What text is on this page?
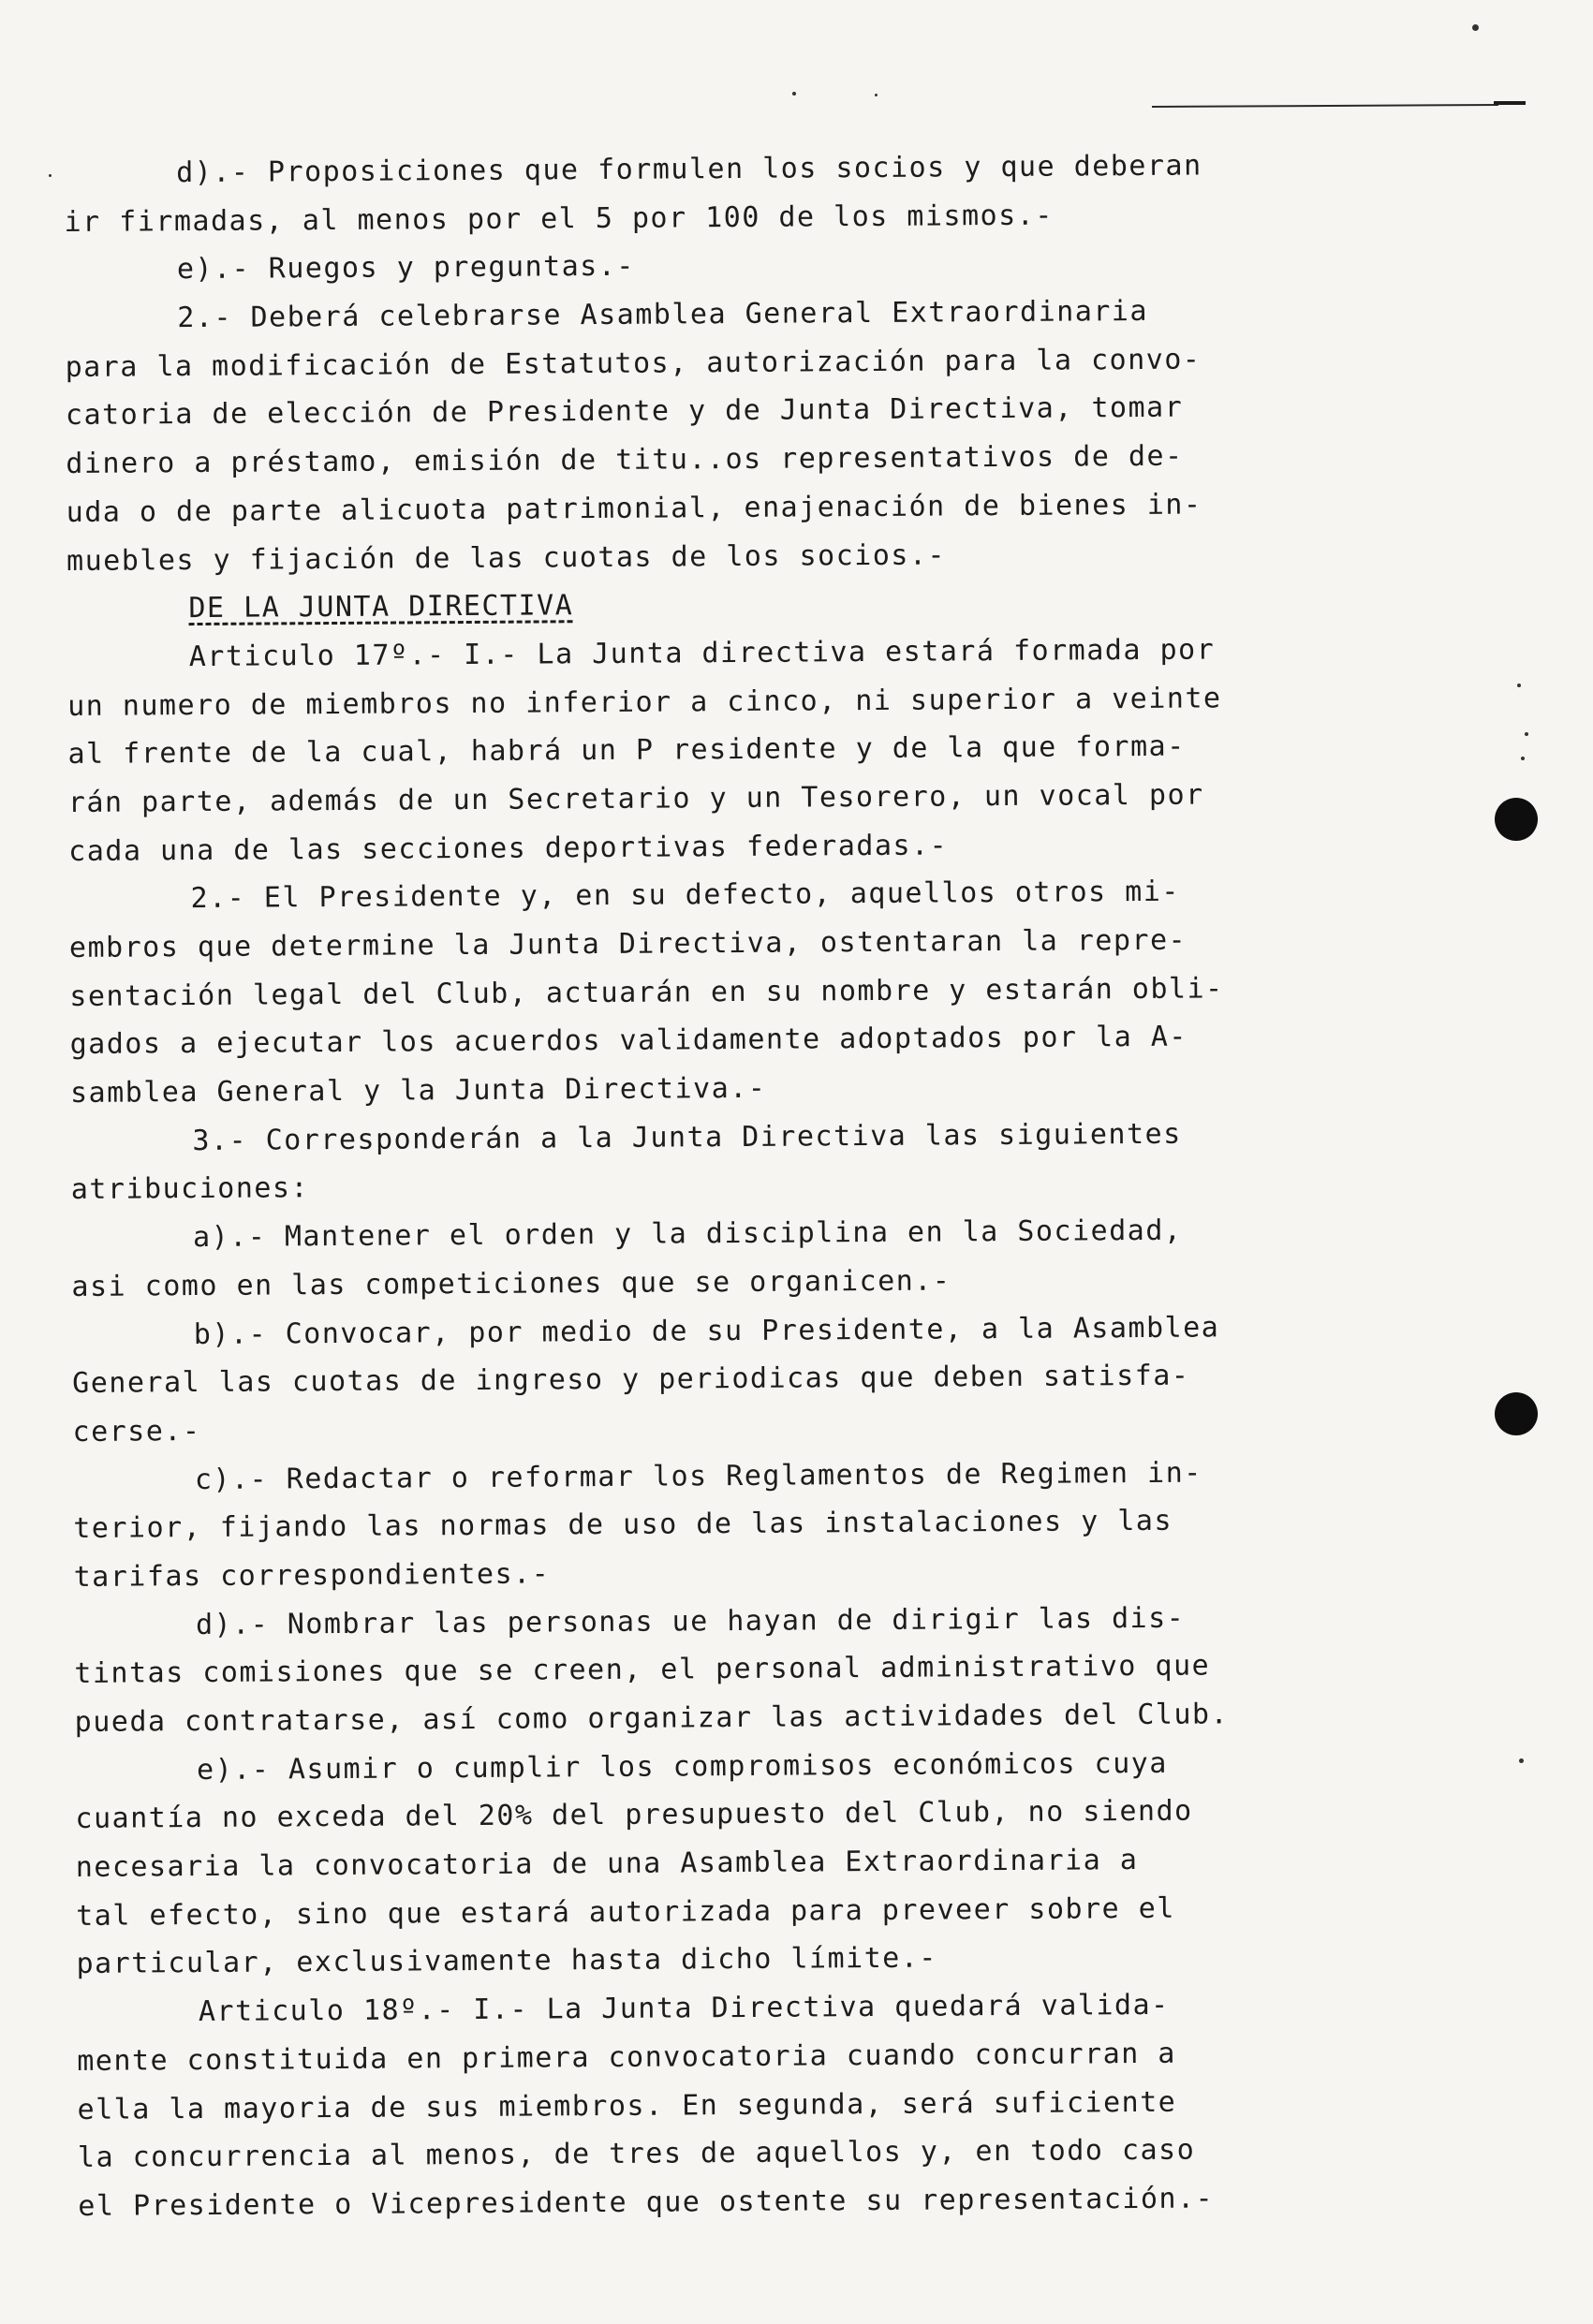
d).- Proposiciones que formulen los socios y que deberan
ir firmadas, al menos por el 5 por 100 de los mismos.-
e).- Ruegos y preguntas.-
2.- Deberá celebrarse Asamblea General Extraordinaria
para la modificación de Estatutos, autorización para la convo-
catoria de elección de Presidente y de Junta Directiva, tomar
dinero a préstamo, emisión de titu..os representativos de de-
uda o de parte alicuota patrimonial, enajenación de bienes in-
muebles y fijación de las cuotas de los socios.-
DE LA JUNTA DIRECTIVA
Articulo 17º.- I.- La Junta directiva estará formada por
un numero de miembros no inferior a cinco, ni superior a veinte
al frente de la cual, habrá un P residente y de la que forma-
rán parte, además de un Secretario y un Tesorero, un vocal por
cada una de las secciones deportivas federadas.-
2.- El Presidente y, en su defecto, aquellos otros mi-
embros que determine la Junta Directiva, ostentaran la repre-
sentación legal del Club, actuarán en su nombre y estarán obli-
gados a ejecutar los acuerdos validamente adoptados por la A-
samblea General y la Junta Directiva.-
3.- Corresponderán a la Junta Directiva las siguientes
atribuciones:
a).- Mantener el orden y la disciplina en la Sociedad,
asi como en las competiciones que se organicen.-
b).- Convocar, por medio de su Presidente, a la Asamblea
General las cuotas de ingreso y periodicas que deben satisfa-
cerse.-
c).- Redactar o reformar los Reglamentos de Regimen in-
terior, fijando las normas de uso de las instalaciones y las
tarifas correspondientes.-
d).- Nombrar las personas ue hayan de dirigir las dis-
tintas comisiones que se creen, el personal administrativo que
pueda contratarse, así como organizar las actividades del Club.
e).- Asumir o cumplir los compromisos económicos cuya
cuantía no exceda del 20% del presupuesto del Club, no siendo
necesaria la convocatoria de una Asamblea Extraordinaria a
tal efecto, sino que estará autorizada para preveer sobre el
particular, exclusivamente hasta dicho límite.-
Articulo 18º.- I.- La Junta Directiva quedará valida-
mente constituida en primera convocatoria cuando concurran a
ella la mayoria de sus miembros. En segunda, será suficiente
la concurrencia al menos, de tres de aquellos y, en todo caso
el Presidente o Vicepresidente que ostente su representación.-
